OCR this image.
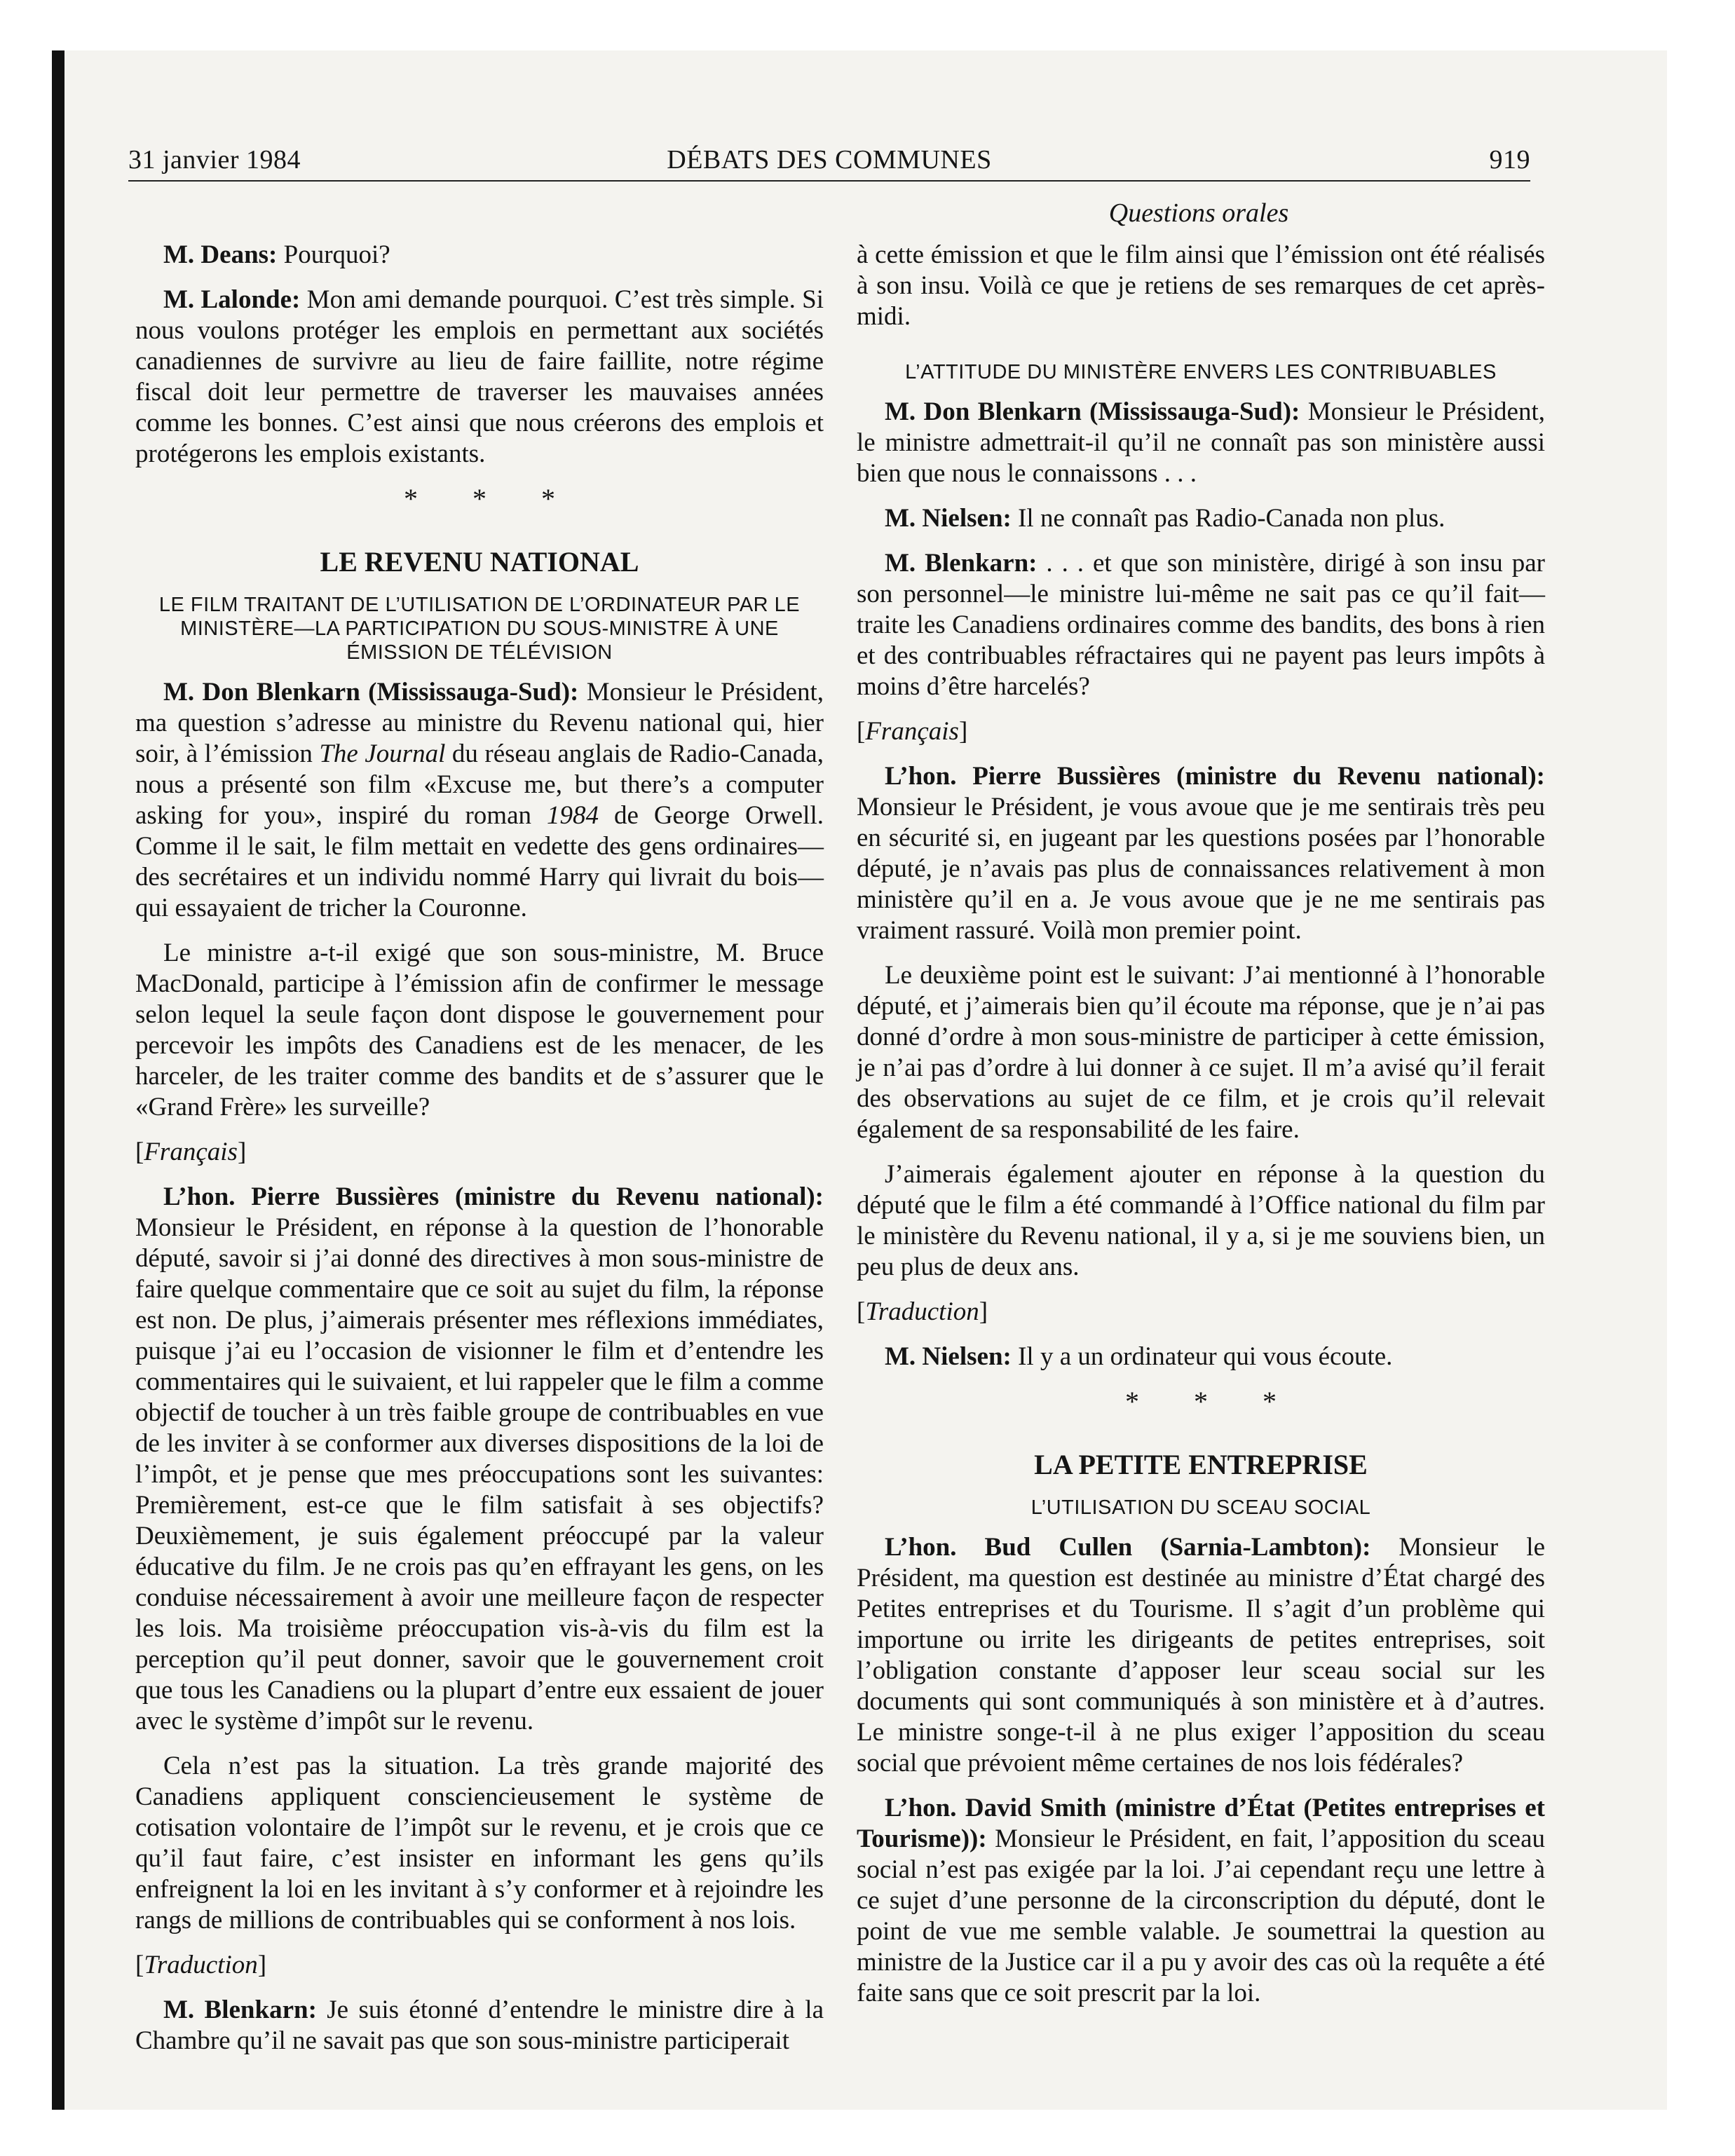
31 janvier 1984	DÉBATS DES COMMUNES	919
Questions orales

M. Deans: Pourquoi?

M. Lalonde: Mon ami demande pourquoi. C’est très simple. Si nous voulons protéger les emplois en permettant aux sociétés canadiennes de survivre au lieu de faire faillite, notre régime fiscal doit leur permettre de traverser les mauvaises années comme les bonnes. C’est ainsi que nous créerons des emplois et protégerons les emplois existants.

* * *
LE REVENU NATIONAL
LE FILM TRAITANT DE L’UTILISATION DE L’ORDINATEUR PAR LE MINISTÈRE—LA PARTICIPATION DU SOUS-MINISTRE À UNE ÉMISSION DE TÉLÉVISION

M. Don Blenkarn (Mississauga-Sud): Monsieur le Président, ma question s’adresse au ministre du Revenu national qui, hier soir, à l’émission The Journal du réseau anglais de Radio-Canada, nous a présenté son film «Excuse me, but there’s a computer asking for you», inspiré du roman 1984 de George Orwell. Comme il le sait, le film mettait en vedette des gens ordinaires—des secrétaires et un individu nommé Harry qui livrait du bois—qui essayaient de tricher la Couronne.

Le ministre a-t-il exigé que son sous-ministre, M. Bruce MacDonald, participe à l’émission afin de confirmer le message selon lequel la seule façon dont dispose le gouvernement pour percevoir les impôts des Canadiens est de les menacer, de les harceler, de les traiter comme des bandits et de s’assurer que le «Grand Frère» les surveille?

[ Français ]

L’hon. Pierre Bussières (ministre du Revenu national): Monsieur le Président, en réponse à la question de l’honorable député, savoir si j’ai donné des directives à mon sous-ministre de faire quelque commentaire que ce soit au sujet du film, la réponse est non. De plus, j’aimerais présenter mes réflexions immédiates, puisque j’ai eu l’occasion de visionner le film et d’entendre les commentaires qui le suivaient, et lui rappeler que le film a comme objectif de toucher à un très faible groupe de contribuables en vue de les inviter à se conformer aux diverses dispositions de la loi de l’impôt, et je pense que mes préoccupations sont les suivantes: Premièrement, est-ce que le film satisfait à ses objectifs? Deuxièmement, je suis également préoccupé par la valeur éducative du film. Je ne crois pas qu’en effrayant les gens, on les conduise nécessairement à avoir une meilleure façon de respecter les lois. Ma troisième préoccupation vis-à-vis du film est la perception qu’il peut donner, savoir que le gouvernement croit que tous les Canadiens ou la plupart d’entre eux essaient de jouer avec le système d’impôt sur le revenu.

Cela n’est pas la situation. La très grande majorité des Canadiens appliquent consciencieusement le système de cotisation volontaire de l’impôt sur le revenu, et je crois que ce qu’il faut faire, c’est insister en informant les gens qu’ils enfreignent la loi en les invitant à s’y conformer et à rejoindre les rangs de millions de contribuables qui se conforment à nos lois.

[ Traduction ]

M. Blenkarn: Je suis étonné d’entendre le ministre dire à la Chambre qu’il ne savait pas que son sous-ministre participerait

à cette émission et que le film ainsi que l’émission ont été réalisés à son insu. Voilà ce que je retiens de ses remarques de cet après-midi.

L’ATTITUDE DU MINISTÈRE ENVERS LES CONTRIBUABLES

M. Don Blenkarn (Mississauga-Sud): Monsieur le Président, le ministre admettrait-il qu’il ne connaît pas son ministère aussi bien que nous le connaissons . . .

M. Nielsen: Il ne connaît pas Radio-Canada non plus.

M. Blenkarn: . . . et que son ministère, dirigé à son insu par son personnel—le ministre lui-même ne sait pas ce qu’il fait—traite les Canadiens ordinaires comme des bandits, des bons à rien et des contribuables réfractaires qui ne payent pas leurs impôts à moins d’être harcelés?

[ Français ]

L’hon. Pierre Bussières (ministre du Revenu national): Monsieur le Président, je vous avoue que je me sentirais très peu en sécurité si, en jugeant par les questions posées par l’honorable député, je n’avais pas plus de connaissances relativement à mon ministère qu’il en a. Je vous avoue que je ne me sentirais pas vraiment rassuré. Voilà mon premier point.

Le deuxième point est le suivant: J’ai mentionné à l’honorable député, et j’aimerais bien qu’il écoute ma réponse, que je n’ai pas donné d’ordre à mon sous-ministre de participer à cette émission, je n’ai pas d’ordre à lui donner à ce sujet. Il m’a avisé qu’il ferait des observations au sujet de ce film, et je crois qu’il relevait également de sa responsabilité de les faire.

J’aimerais également ajouter en réponse à la question du député que le film a été commandé à l’Office national du film par le ministère du Revenu national, il y a, si je me souviens bien, un peu plus de deux ans.

[ Traduction ]

M. Nielsen: Il y a un ordinateur qui vous écoute.

* * *
LA PETITE ENTREPRISE
L’UTILISATION DU SCEAU SOCIAL

L’hon. Bud Cullen (Sarnia-Lambton): Monsieur le Président, ma question est destinée au ministre d’État chargé des Petites entreprises et du Tourisme. Il s’agit d’un problème qui importune ou irrite les dirigeants de petites entreprises, soit l’obligation constante d’apposer leur sceau social sur les documents qui sont communiqués à son ministère et à d’autres. Le ministre songe-t-il à ne plus exiger l’apposition du sceau social que prévoient même certaines de nos lois fédérales?

L’hon. David Smith (ministre d’État (Petites entreprises et Tourisme)): Monsieur le Président, en fait, l’apposition du sceau social n’est pas exigée par la loi. J’ai cependant reçu une lettre à ce sujet d’une personne de la circonscription du député, dont le point de vue me semble valable. Je soumettrai la question au ministre de la Justice car il a pu y avoir des cas où la requête a été faite sans que ce soit prescrit par la loi.
